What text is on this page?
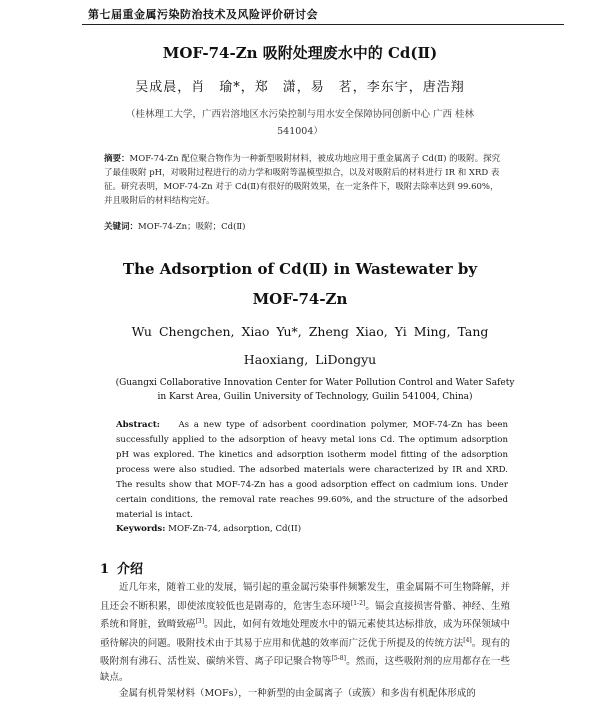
第七届重金属污染防治技术及风险评价研讨会
MOF-74-Zn 吸附处理废水中的 Cd(Ⅱ)
吴成晨，肖　瑜*，郑　潇，易　茗，李东宇，唐浩翔
（桂林理工大学，广西岩溶地区水污染控制与用水安全保障协同创新中心 广西 桂林 541004）
摘要：MOF-74-Zn 配位聚合物作为一种新型吸附材料，被成功地应用于重金属离子 Cd(Ⅱ) 的吸附。探究了最佳吸附 pH，对吸附过程进行的动力学和吸附等温模型拟合，以及对吸附后的材料进行 IR 和 XRD 表征。研究表明，MOF-74-Zn 对于 Cd(Ⅱ)有很好的吸附效果，在一定条件下，吸附去除率达到 99.60%，并且吸附后的材料结构完好。
关键词：MOF-74-Zn；吸附；Cd(Ⅱ)
The Adsorption of Cd(Ⅱ) in Wastewater by
MOF-74-Zn
Wu Chengchen, Xiao Yu*, Zheng Xiao, Yi Ming, Tang Haoxiang, LiDongyu
(Guangxi Collaborative Innovation Center for Water Pollution Control and Water Safety in Karst Area, Guilin University of Technology, Guilin 541004, China)
Abstract: As a new type of adsorbent coordination polymer, MOF-74-Zn has been successfully applied to the adsorption of heavy metal ions Cd. The optimum adsorption pH was explored. The kinetics and adsorption isotherm model fitting of the adsorption process were also studied. The adsorbed materials were characterized by IR and XRD. The results show that MOF-74-Zn has a good adsorption effect on cadmium ions. Under certain conditions, the removal rate reaches 99.60%, and the structure of the adsorbed material is intact.
Keywords: MOF-Zn-74, adsorption, Cd(II)
1 介绍

近几年来，随着工业的发展，镉引起的重金属污染事件频繁发生，重金属隔不可生物降解，并且还会不断积累，即使浓度较低也是剧毒的，危害生态环境[1-2]。镉会直接损害骨骼、神经、生殖系统和肾脏，致畸致癌[3]。因此，如何有效地处理废水中的镉元素使其达标排放，成为环保领域中亟待解决的问题。吸附技术由于其易于应用和优越的效率而广泛优于所提及的传统方法[4]。现有的吸附剂有沸石、活性炭、碳纳米管、离子印记聚合物等[5-8]。然而，这些吸附剂的应用都存在一些缺点。

金属有机骨架材料（MOFs），一种新型的由金属离子（或簇）和多齿有机配体形成的
